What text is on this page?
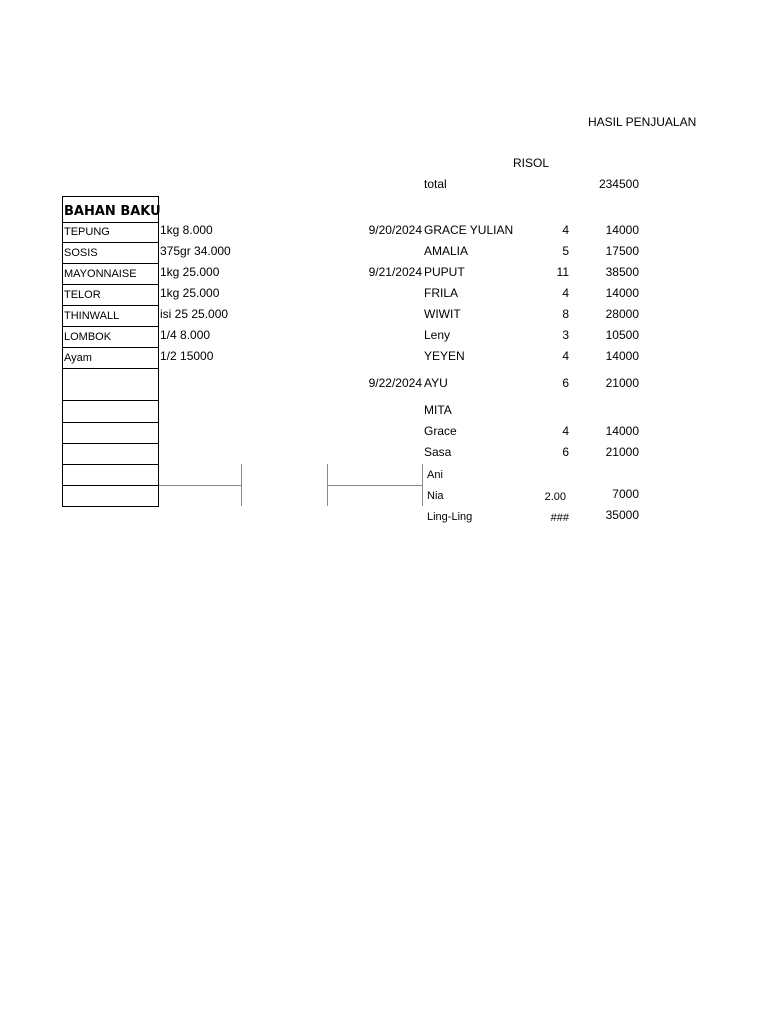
HASIL PENJUALAN
RISOL
total	234500
BAHAN BAKU
TEPUNG
SOSIS
MAYONNAISE
TELOR
THINWALL
LOMBOK
Ayam
1kg 8.000
375gr 34.000
1kg 25.000
1kg 25.000
isi 25 25.000
1/4 8.000
1/2 15000
9/20/2024
9/21/2024
9/22/2024
GRACE YULIAN
AMALIA
PUPUT
FRILA
WIWIT
Leny
YEYEN
AYU
MITA
Grace
Sasa
Ani
Nia
Ling-Ling
4
5
11
4
8
3
4
6
4
6
2.00
###
14000
17500
38500
14000
28000
10500
14000
21000
14000
21000
7000
35000
